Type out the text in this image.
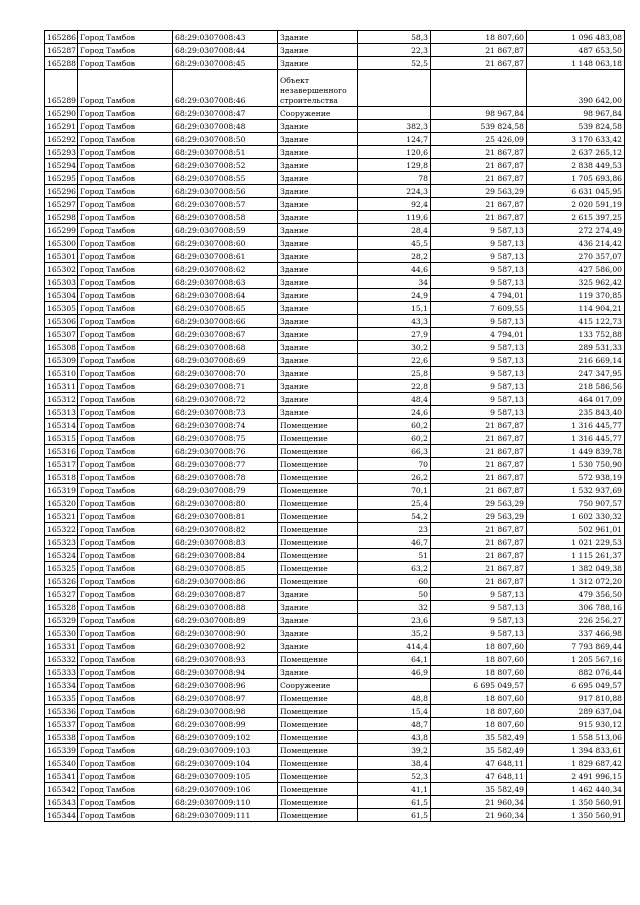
165286	Город Тамбов	68:29:0307008:43	Здание	58,3	18 807,60	1 096 483,08
165287	Город Тамбов	68:29:0307008:44	Здание	22,3	21 867,87	487 653,50
165288	Город Тамбов	68:29:0307008:45	Здание	52,5	21 867,87	1 148 063,18
165289	Город Тамбов	68:29:0307008:46	Объект незавершенного строительства			390 642,00
165290	Город Тамбов	68:29:0307008:47	Сооружение		98 967,84	98 967,84
165291	Город Тамбов	68:29:0307008:48	Здание	382,3	539 824,58	539 824,58
165292	Город Тамбов	68:29:0307008:50	Здание	124,7	25 426,09	3 170 633,42
165293	Город Тамбов	68:29:0307008:51	Здание	120,6	21 867,87	2 637 265,12
165294	Город Тамбов	68:29:0307008:52	Здание	129,8	21 867,87	2 838 449,53
165295	Город Тамбов	68:29:0307008:55	Здание	78	21 867,87	1 705 693,86
165296	Город Тамбов	68:29:0307008:56	Здание	224,3	29 563,29	6 631 045,95
165297	Город Тамбов	68:29:0307008:57	Здание	92,4	21 867,87	2 020 591,19
165298	Город Тамбов	68:29:0307008:58	Здание	119,6	21 867,87	2 615 397,25
165299	Город Тамбов	68:29:0307008:59	Здание	28,4	9 587,13	272 274,49
165300	Город Тамбов	68:29:0307008:60	Здание	45,5	9 587,13	436 214,42
165301	Город Тамбов	68:29:0307008:61	Здание	28,2	9 587,13	270 357,07
165302	Город Тамбов	68:29:0307008:62	Здание	44,6	9 587,13	427 586,00
165303	Город Тамбов	68:29:0307008:63	Здание	34	9 587,13	325 962,42
165304	Город Тамбов	68:29:0307008:64	Здание	24,9	4 794,01	119 370,85
165305	Город Тамбов	68:29:0307008:65	Здание	15,1	7 609,55	114 904,21
165306	Город Тамбов	68:29:0307008:66	Здание	43,3	9 587,13	415 122,73
165307	Город Тамбов	68:29:0307008:67	Здание	27,9	4 794,01	133 752,88
165308	Город Тамбов	68:29:0307008:68	Здание	30,2	9 587,13	289 531,33
165309	Город Тамбов	68:29:0307008:69	Здание	22,6	9 587,13	216 669,14
165310	Город Тамбов	68:29:0307008:70	Здание	25,8	9 587,13	247 347,95
165311	Город Тамбов	68:29:0307008:71	Здание	22,8	9 587,13	218 586,56
165312	Город Тамбов	68:29:0307008:72	Здание	48,4	9 587,13	464 017,09
165313	Город Тамбов	68:29:0307008:73	Здание	24,6	9 587,13	235 843,40
165314	Город Тамбов	68:29:0307008:74	Помещение	60,2	21 867,87	1 316 445,77
165315	Город Тамбов	68:29:0307008:75	Помещение	60,2	21 867,87	1 316 445,77
165316	Город Тамбов	68:29:0307008:76	Помещение	66,3	21 867,87	1 449 839,78
165317	Город Тамбов	68:29:0307008:77	Помещение	70	21 867,87	1 530 750,90
165318	Город Тамбов	68:29:0307008:78	Помещение	26,2	21 867,87	572 938,19
165319	Город Тамбов	68:29:0307008:79	Помещение	70,1	21 867,87	1 532 937,69
165320	Город Тамбов	68:29:0307008:80	Помещение	25,4	29 563,29	750 907,57
165321	Город Тамбов	68:29:0307008:81	Помещение	54,2	29 563,29	1 602 330,32
165322	Город Тамбов	68:29:0307008:82	Помещение	23	21 867,87	502 961,01
165323	Город Тамбов	68:29:0307008:83	Помещение	46,7	21 867,87	1 021 229,53
165324	Город Тамбов	68:29:0307008:84	Помещение	51	21 867,87	1 115 261,37
165325	Город Тамбов	68:29:0307008:85	Помещение	63,2	21 867,87	1 382 049,38
165326	Город Тамбов	68:29:0307008:86	Помещение	60	21 867,87	1 312 072,20
165327	Город Тамбов	68:29:0307008:87	Здание	50	9 587,13	479 356,50
165328	Город Тамбов	68:29:0307008:88	Здание	32	9 587,13	306 788,16
165329	Город Тамбов	68:29:0307008:89	Здание	23,6	9 587,13	226 256,27
165330	Город Тамбов	68:29:0307008:90	Здание	35,2	9 587,13	337 466,98
165331	Город Тамбов	68:29:0307008:92	Здание	414,4	18 807,60	7 793 869,44
165332	Город Тамбов	68:29:0307008:93	Помещение	64,1	18 807,60	1 205 567,16
165333	Город Тамбов	68:29:0307008:94	Здание	46,9	18 807,60	882 076,44
165334	Город Тамбов	68:29:0307008:96	Сооружение		6 695 049,57	6 695 049,57
165335	Город Тамбов	68:29:0307008:97	Помещение	48,8	18 807,60	917 810,88
165336	Город Тамбов	68:29:0307008:98	Помещение	15,4	18 807,60	289 637,04
165337	Город Тамбов	68:29:0307008:99	Помещение	48,7	18 807,60	915 930,12
165338	Город Тамбов	68:29:0307009:102	Помещение	43,8	35 582,49	1 558 513,06
165339	Город Тамбов	68:29:0307009:103	Помещение	39,2	35 582,49	1 394 833,61
165340	Город Тамбов	68:29:0307009:104	Помещение	38,4	47 648,11	1 829 687,42
165341	Город Тамбов	68:29:0307009:105	Помещение	52,3	47 648,11	2 491 996,15
165342	Город Тамбов	68:29:0307009:106	Помещение	41,1	35 582,49	1 462 440,34
165343	Город Тамбов	68:29:0307009:110	Помещение	61,5	21 960,34	1 350 560,91
165344	Город Тамбов	68:29:0307009:111	Помещение	61,5	21 960,34	1 350 560,91
